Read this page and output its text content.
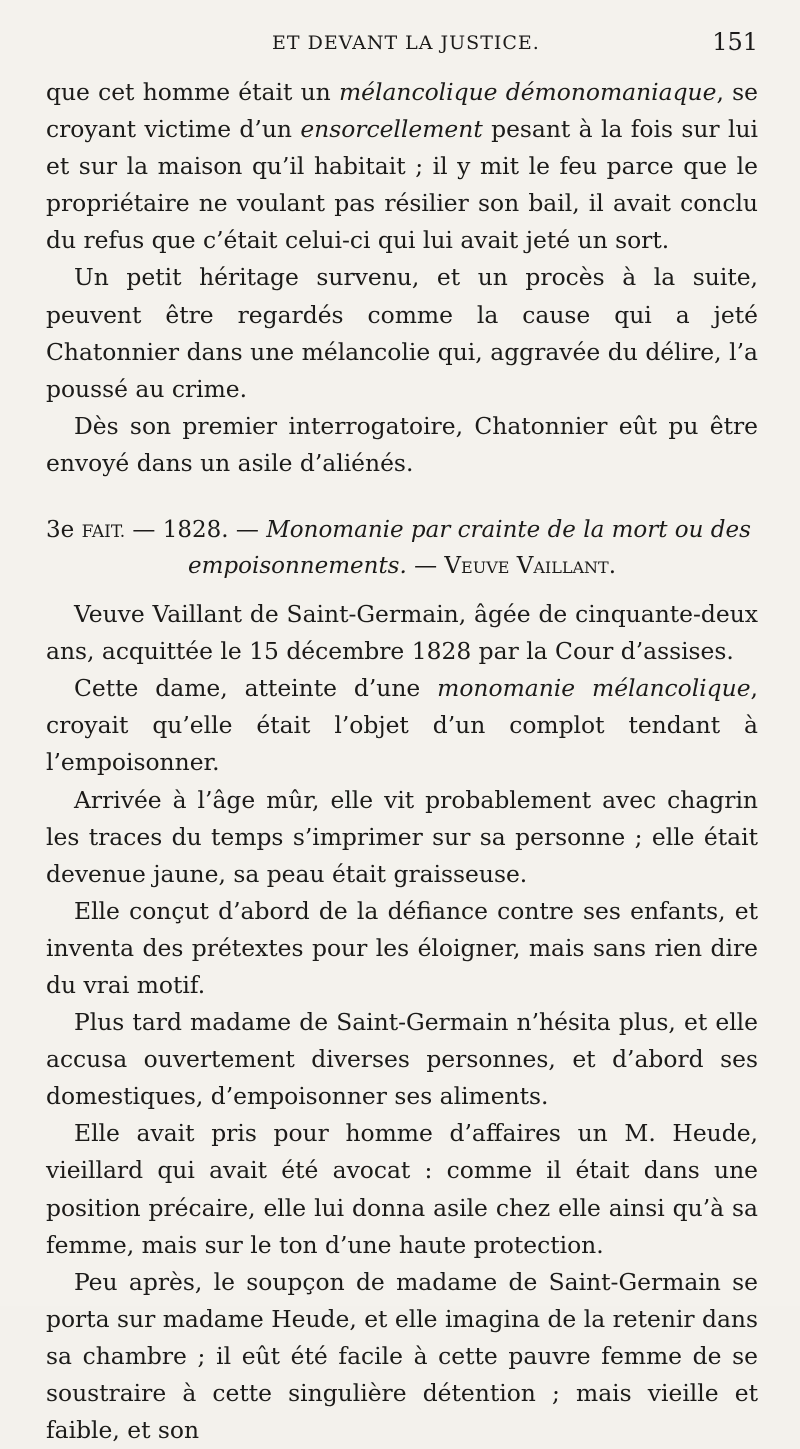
ET DEVANT LA JUSTICE.	151

que cet homme était un mélancolique démonomaniaque, se croyant victime d’un ensorcellement pesant à la fois sur lui et sur la maison qu’il habitait ; il y mit le feu parce que le propriétaire ne voulant pas résilier son bail, il avait conclu du refus que c’était celui-ci qui lui avait jeté un sort.

Un petit héritage survenu, et un procès à la suite, peuvent être regardés comme la cause qui a jeté Chatonnier dans une mélancolie qui, aggravée du délire, l’a poussé au crime.

Dès son premier interrogatoire, Chatonnier eût pu être envoyé dans un asile d’aliénés.

3e FAIT. — 1828. — Monomanie par crainte de la mort ou des
empoisonnements. — Veuve Vaillant.

Veuve Vaillant de Saint-Germain, âgée de cinquante-deux ans, acquittée le 15 décembre 1828 par la Cour d’assises.

Cette dame, atteinte d’une monomanie mélancolique, croyait qu’elle était l’objet d’un complot tendant à l’empoisonner.

Arrivée à l’âge mûr, elle vit probablement avec chagrin les traces du temps s’imprimer sur sa personne ; elle était devenue jaune, sa peau était graisseuse.

Elle conçut d’abord de la défiance contre ses enfants, et inventa des prétextes pour les éloigner, mais sans rien dire du vrai motif.

Plus tard madame de Saint-Germain n’hésita plus, et elle accusa ouvertement diverses personnes, et d’abord ses domestiques, d’empoisonner ses aliments.

Elle avait pris pour homme d’affaires un M. Heude, vieillard qui avait été avocat : comme il était dans une position précaire, elle lui donna asile chez elle ainsi qu’à sa femme, mais sur le ton d’une haute protection.

Peu après, le soupçon de madame de Saint-Germain se porta sur madame Heude, et elle imagina de la retenir dans sa chambre ; il eût été facile à cette pauvre femme de se soustraire à cette singulière détention ; mais vieille et faible, et son
